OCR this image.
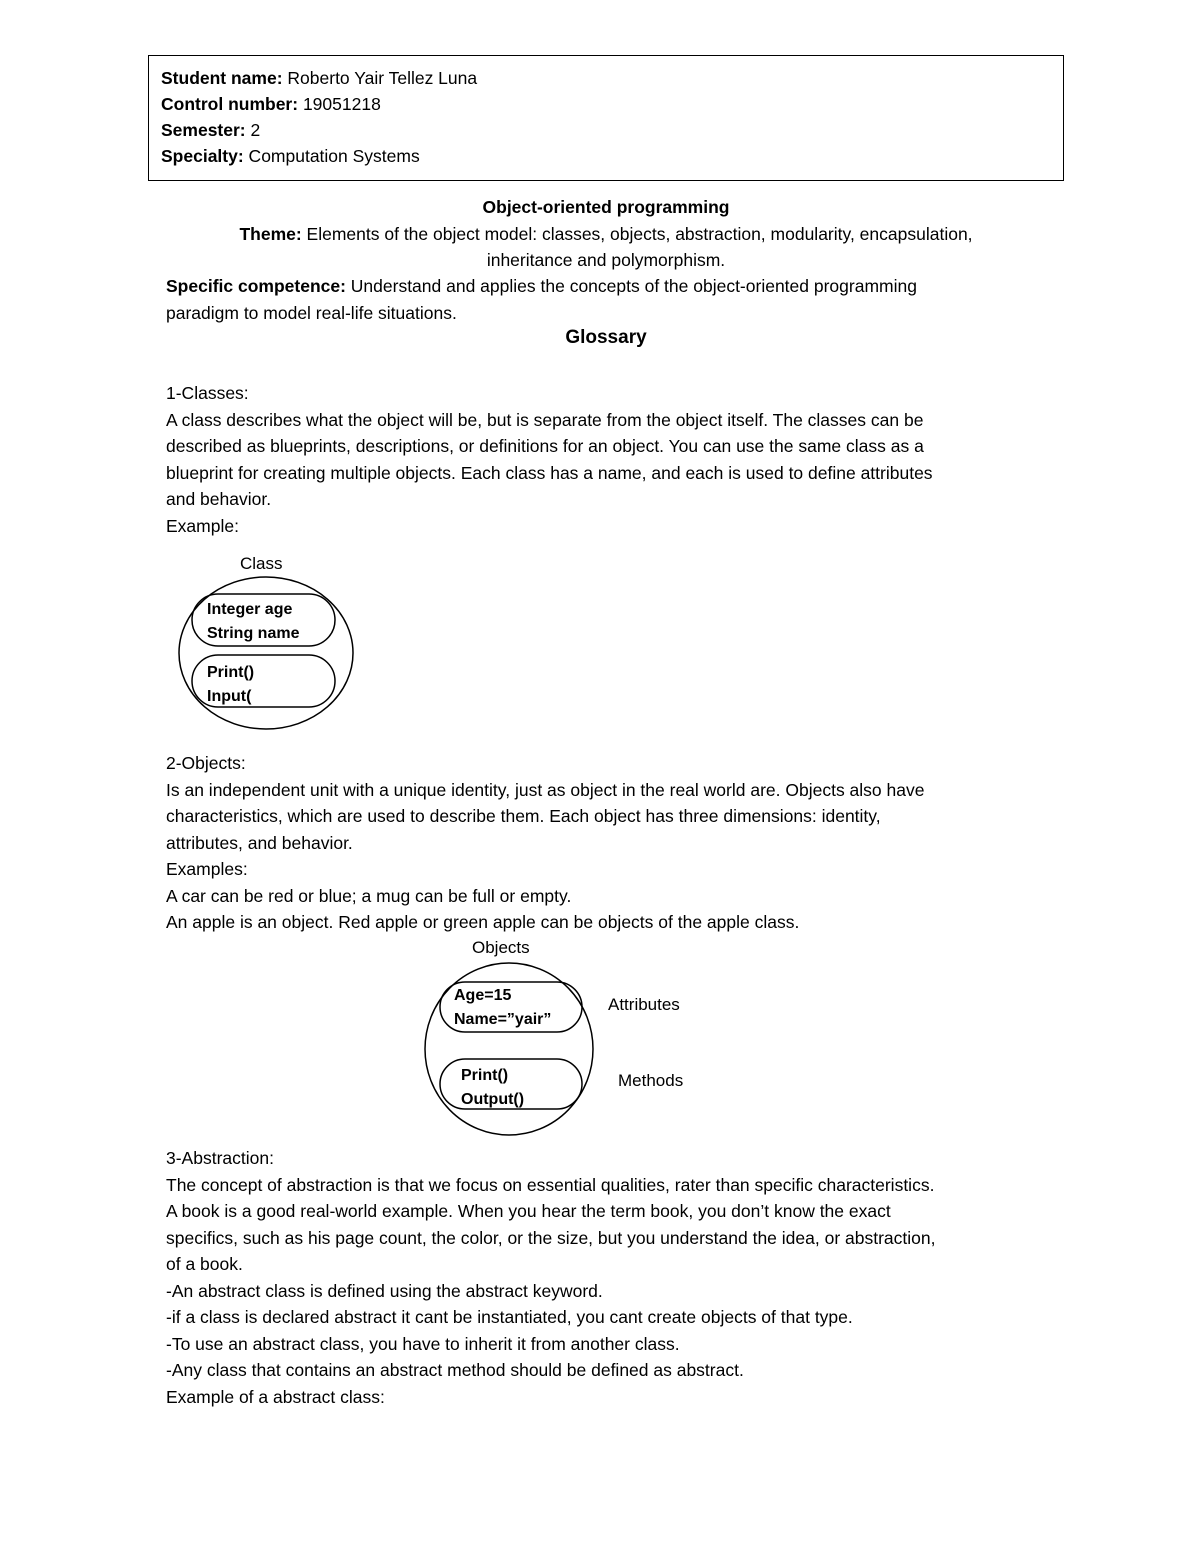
Student name: Roberto Yair Tellez Luna
Control number: 19051218
Semester: 2
Specialty: Computation Systems
Object-oriented programming
Theme: Elements of the object model: classes, objects, abstraction, modularity, encapsulation,
inheritance and polymorphism.
Specific competence: Understand and applies the concepts of the object-oriented programming
paradigm to model real-life situations.
Glossary
1-Classes:
A class describes what the object will be, but is separate from the object itself. The classes can be
described as blueprints, descriptions, or definitions for an object. You can use the same class as a
blueprint for creating multiple objects. Each class has a name, and each is used to define attributes
and behavior.
Example:
Class
Integer age
String name
Print()
Input(
2-Objects:
Is an independent unit with a unique identity, just as object in the real world are. Objects also have
characteristics, which are used to describe them. Each object has three dimensions: identity,
attributes, and behavior.
Examples:
A car can be red or blue; a mug can be full or empty.
An apple is an object. Red apple or green apple can be objects of the apple class.
Objects
Age=15
Name=”yair”
Print()
Output()
Attributes
Methods
3-Abstraction:
The concept of abstraction is that we focus on essential qualities, rater than specific characteristics.
A book is a good real-world example. When you hear the term book, you don’t know the exact
specifics, such as his page count, the color, or the size, but you understand the idea, or abstraction,
of a book.
-An abstract class is defined using the abstract keyword.
-if a class is declared abstract it cant be instantiated, you cant create objects of that type.
-To use an abstract class, you have to inherit it from another class.
-Any class that contains an abstract method should be defined as abstract.
Example of a abstract class:
